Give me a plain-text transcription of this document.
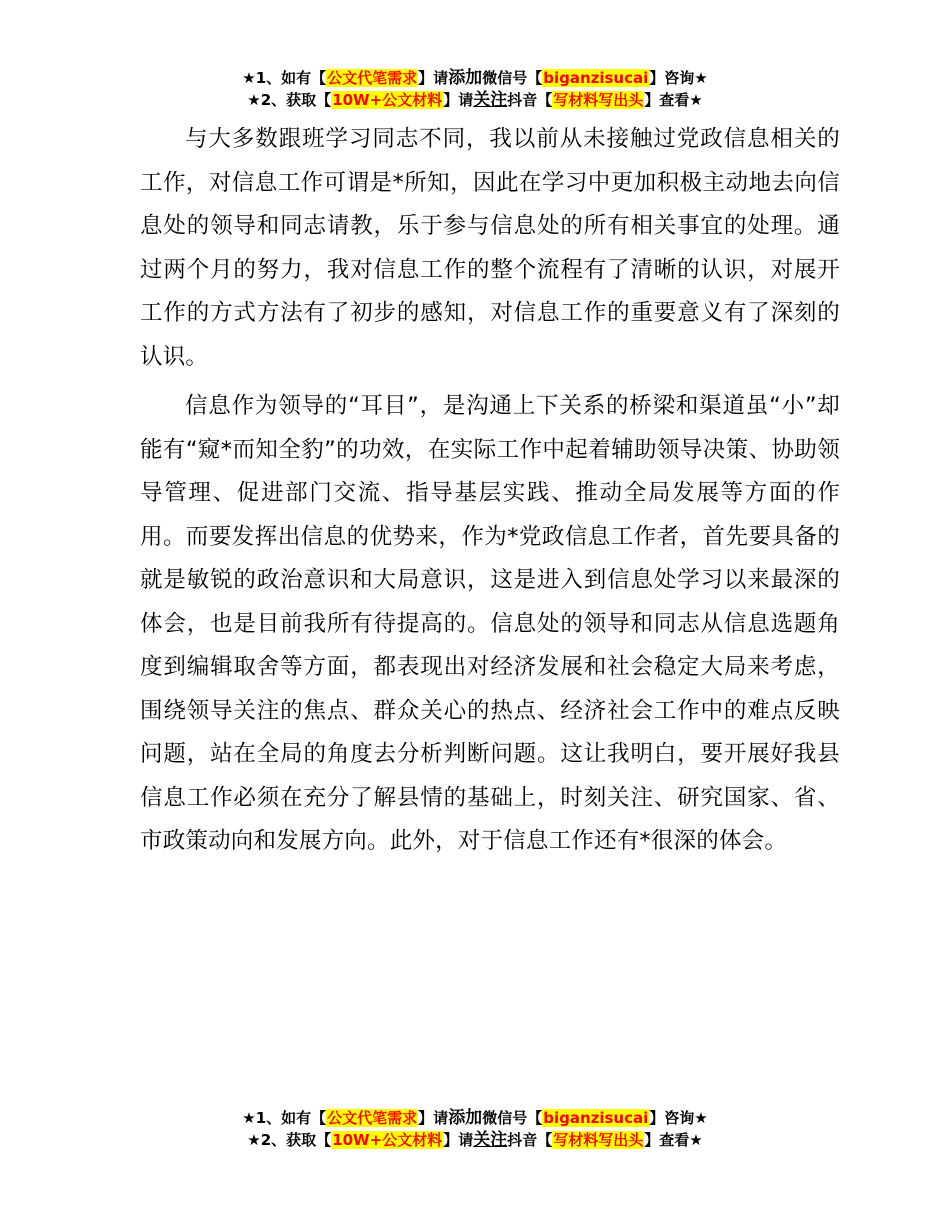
★1、如有【公文代笔需求】请添加微信号【biganzisucai】咨询★
★2、获取【10W+公文材料】请关注抖音【写材料写出头】查看★

与大多数跟班学习同志不同，我以前从未接触过党政信息相关的工作，对信息工作可谓是*所知，因此在学习中更加积极主动地去向信息处的领导和同志请教，乐于参与信息处的所有相关事宜的处理。通过两个月的努力，我对信息工作的整个流程有了清晰的认识，对展开工作的方式方法有了初步的感知，对信息工作的重要意义有了深刻的认识。

信息作为领导的“耳目”，是沟通上下关系的桥梁和渠道虽“小”却能有“窥*而知全豹”的功效，在实际工作中起着辅助领导决策、协助领导管理、促进部门交流、指导基层实践、推动全局发展等方面的作用。而要发挥出信息的优势来，作为*党政信息工作者，首先要具备的就是敏锐的政治意识和大局意识，这是进入到信息处学习以来最深的体会，也是目前我所有待提高的。信息处的领导和同志从信息选题角度到编辑取舍等方面，都表现出对经济发展和社会稳定大局来考虑，围绕领导关注的焦点、群众关心的热点、经济社会工作中的难点反映问题，站在全局的角度去分析判断问题。这让我明白，要开展好我县信息工作必须在充分了解县情的基础上，时刻关注、研究国家、省、市政策动向和发展方向。此外，对于信息工作还有*很深的体会。

★1、如有【公文代笔需求】请添加微信号【biganzisucai】咨询★
★2、获取【10W+公文材料】请关注抖音【写材料写出头】查看★
